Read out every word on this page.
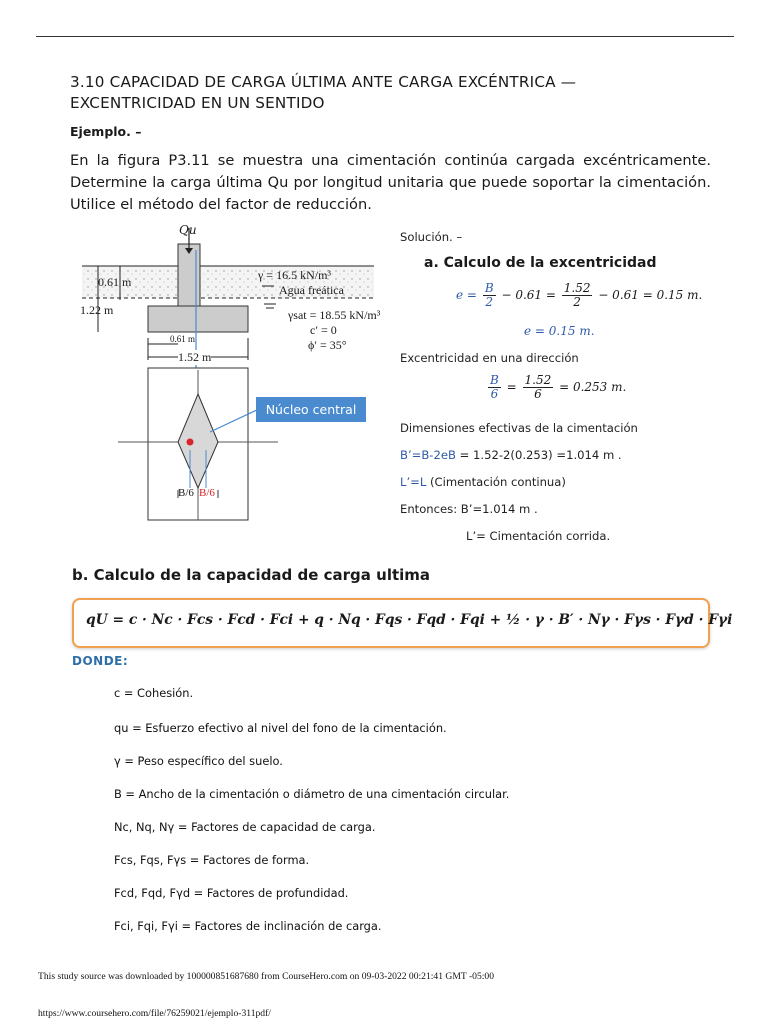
3.10 CAPACIDAD DE CARGA ÚLTIMA ANTE CARGA EXCÉNTRICA —
EXCENTRICIDAD EN UN SENTIDO
Ejemplo. –
En la figura P3.11 se muestra una cimentación continúa cargada excéntricamente. Determine la carga última Qu por longitud unitaria que puede soportar la cimentación. Utilice el método del factor de reducción.
Qu
0.61 m
1.22 m
γ = 16.5 kN/m³
Agua freática
γsat = 18.55 kN/m³
c′ = 0
ϕ′ = 35°
0.61 m
1.52 m
Núcleo central
B/6 B/6
Solución. –
a. Calculo de la excentricidad
$e = \frac{B}{2} - 0.61 = \frac{1.52}{2} - 0.61 = 0.15$ m.
e = 0.15 m.
Excentricidad en una dirección
$\frac{B}{6} = \frac{1.52}{6} = 0.253$ m.
Dimensiones efectivas de la cimentación
B’=B-2eB = 1.52-2(0.253) =1.014 m .
L’=L (Cimentación continua)
Entonces: B’=1.014 m .
L’= Cimentación corrida.
b. Calculo de la capacidad de carga ultima
qU = c · Nc · Fcs · Fcd · Fci + q · Nq · Fqs · Fqd · Fqi + ½ · γ · B′ · Nγ · Fγs · Fγd · Fγi
DONDE:
c = Cohesión.
qu = Esfuerzo efectivo al nivel del fono de la cimentación.
γ = Peso específico del suelo.
B = Ancho de la cimentación o diámetro de una cimentación circular.
Nc, Nq, Nγ = Factores de capacidad de carga.
Fcs, Fqs, Fγs = Factores de forma.
Fcd, Fqd, Fγd = Factores de profundidad.
Fci, Fqi, Fγi = Factores de inclinación de carga.
This study source was downloaded by 100000851687680 from CourseHero.com on 09-03-2022 00:21:41 GMT -05:00
https://www.coursehero.com/file/76259021/ejemplo-311pdf/
